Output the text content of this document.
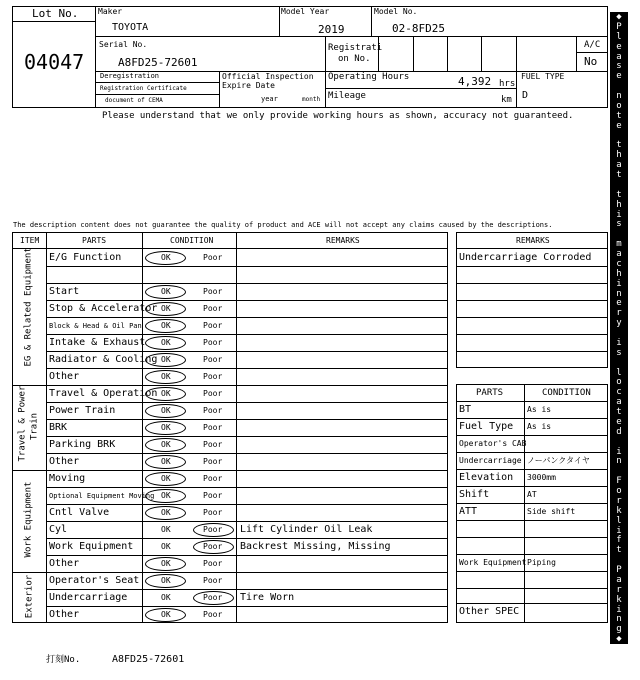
Lot No.
04047
Maker
TOYOTA
Model Year
2019
Model No.
02-8FD25
Serial No.
A8FD25-72601
Registrati
on No.
A/C
No
Deregistration
Registration Certificate
document of CEMA
Official Inspection
Expire Date
year	month
Operating Hours	4,392 hrs
Mileage	km
FUEL TYPE
D
Please understand that we only provide working hours as shown, accuracy not guaranteed.
The description content does not guarantee the quality of product and ACE will not accept any claims caused by the descriptions.
ITEM	PARTS	CONDITION	REMARKS
EG & Related Equipment
Travel & Power Train
Work Equipment
Exterior
E/G Function	OK	Poor
Start	OK	Poor
Stop & Accelerator OK	Poor
Block & Head & Oil Pan OK	Poor
Intake & Exhaust OK	Poor
Radiator & Cooling OK	Poor
Other	OK	Poor
Travel & Operation OK	Poor
Power Train	OK	Poor
BRK	OK	Poor
Parking BRK	OK	Poor
Other	OK	Poor
Moving	OK	Poor
Optional Equipment Moving OK	Poor
Cntl Valve	OK	Poor
Cyl	OK	Poor Lift Cylinder Oil Leak
Work Equipment	OK	Poor Backrest Missing, Missing
Other	OK	Poor
Operator's Seat	OK	Poor
Undercarriage	OK	Poor Tire Worn
Other	OK	Poor
REMARKS
Undercarriage Corroded
PARTS	CONDITION
BT	As is
Fuel Type As is
Operator's CAB
Undercarriage ノーパンクタイヤ
Elevation 3000mm
Shift	AT
ATT	Side shift
Work Equipment Piping
Other SPEC
◆
P
l
e
a
s
e
n
o
t
e
t
h
a
t
t
h
i
s
m
a
c
h
i
n
e
r
y
i
s
l
o
c
a
t
e
d
i
n
F
o
r
k
l
i
f
t
P
a
r
k
i
n
g
◆
打刻No.	A8FD25-72601
